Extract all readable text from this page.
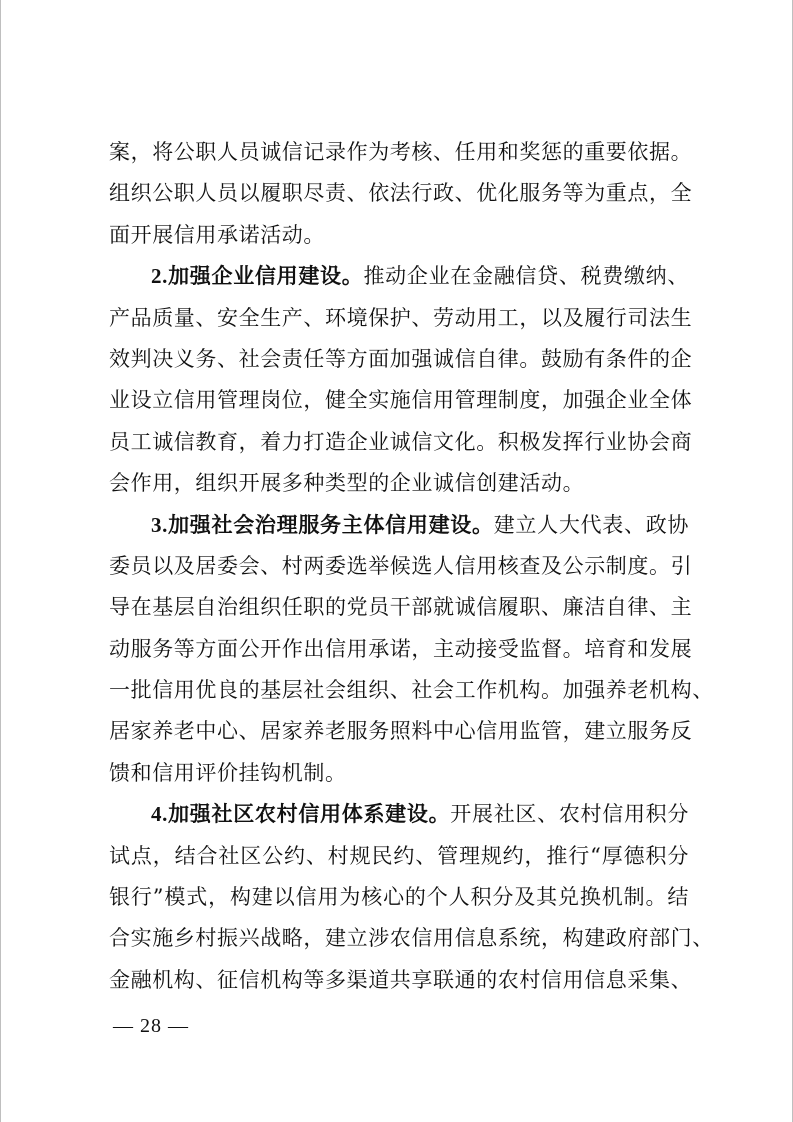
案，将公职人员诚信记录作为考核、任用和奖惩的重要依据。
组织公职人员以履职尽责、依法行政、优化服务等为重点，全
面开展信用承诺活动。
2.加强企业信用建设。推动企业在金融信贷、税费缴纳、
产品质量、安全生产、环境保护、劳动用工，以及履行司法生
效判决义务、社会责任等方面加强诚信自律。鼓励有条件的企
业设立信用管理岗位，健全实施信用管理制度，加强企业全体
员工诚信教育，着力打造企业诚信文化。积极发挥行业协会商
会作用，组织开展多种类型的企业诚信创建活动。
3.加强社会治理服务主体信用建设。建立人大代表、政协
委员以及居委会、村两委选举候选人信用核查及公示制度。引
导在基层自治组织任职的党员干部就诚信履职、廉洁自律、主
动服务等方面公开作出信用承诺，主动接受监督。培育和发展
一批信用优良的基层社会组织、社会工作机构。加强养老机构、
居家养老中心、居家养老服务照料中心信用监管，建立服务反
馈和信用评价挂钩机制。
4.加强社区农村信用体系建设。开展社区、农村信用积分
试点，结合社区公约、村规民约、管理规约，推行“厚德积分
银行”模式，构建以信用为核心的个人积分及其兑换机制。结
合实施乡村振兴战略，建立涉农信用信息系统，构建政府部门、
金融机构、征信机构等多渠道共享联通的农村信用信息采集、
— 28 —
